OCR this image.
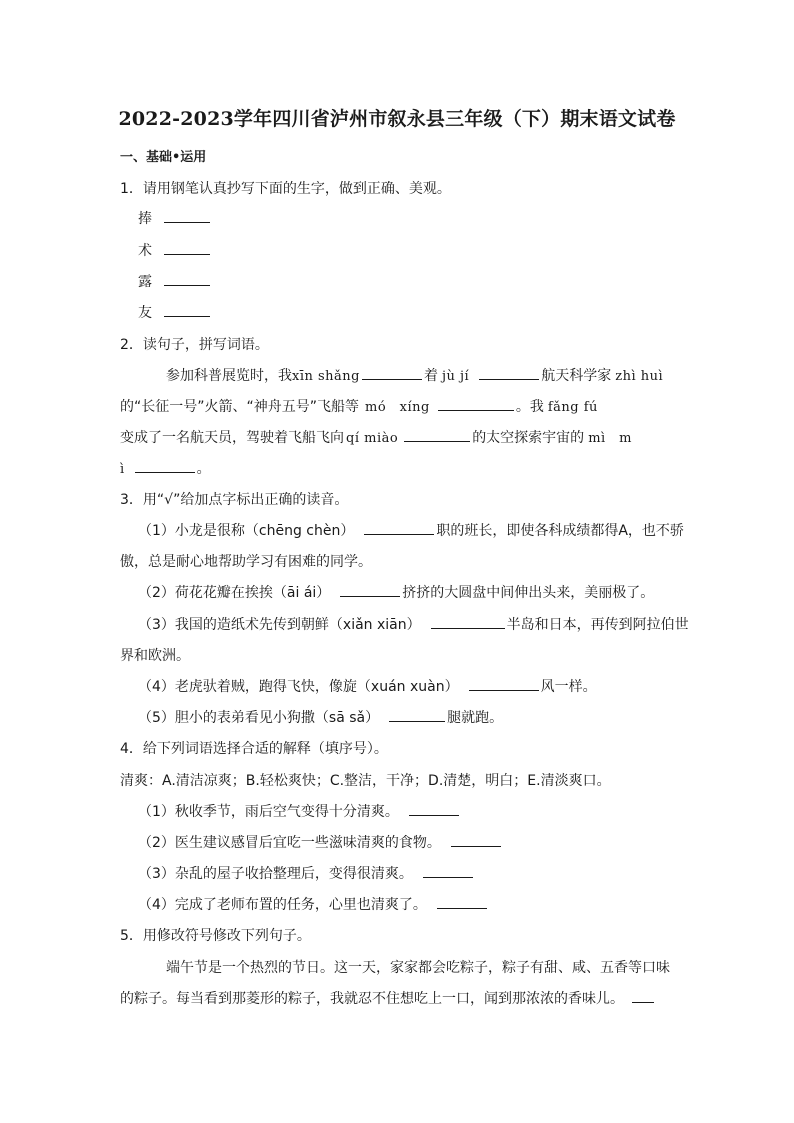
2022-2023学年四川省泸州市叙永县三年级（下）期末语文试卷
一、基础•运用
1．请用钢笔认真抄写下面的生字，做到正确、美观。
捧
术
露
友
2．读句子，拼写词语。
参加科普展览时，我xīn shǎng	着 jù jí	航天科学家 zhì huì
的“长征一号”火箭、“神舟五号”飞船等 mó　xíng	。我 fǎng fú
变成了一名航天员，驾驶着飞船飞向 qí miào	的太空探索宇宙的 mì　m
ì	。
3．用“√”给加点字标出正确的读音。
（1）小龙是很称（chēng chèn）	职的班长，即使各科成绩都得A，也不骄
傲，总是耐心地帮助学习有困难的同学。
（2）荷花花瓣在挨挨（āi ái）	挤挤的大圆盘中间伸出头来，美丽极了。
（3）我国的造纸术先传到朝鲜（xiǎn xiān）	半岛和日本，再传到阿拉伯世
界和欧洲。
（4）老虎驮着贼，跑得飞快，像旋（xuán xuàn）	风一样。
（5）胆小的表弟看见小狗撒（sā sǎ）	腿就跑。
4．给下列词语选择合适的解释（填序号）。
清爽：A.清洁凉爽；B.轻松爽快；C.整洁，干净；D.清楚，明白；E.清淡爽口。
（1）秋收季节，雨后空气变得十分清爽。
（2）医生建议感冒后宜吃一些滋味清爽的食物。
（3）杂乱的屋子收拾整理后，变得很清爽。
（4）完成了老师布置的任务，心里也清爽了。
5．用修改符号修改下列句子。
端午节是一个热烈的节日。这一天，家家都会吃粽子，粽子有甜、咸、五香等口味
的粽子。每当看到那菱形的粽子，我就忍不住想吃上一口，闻到那浓浓的香味儿。
